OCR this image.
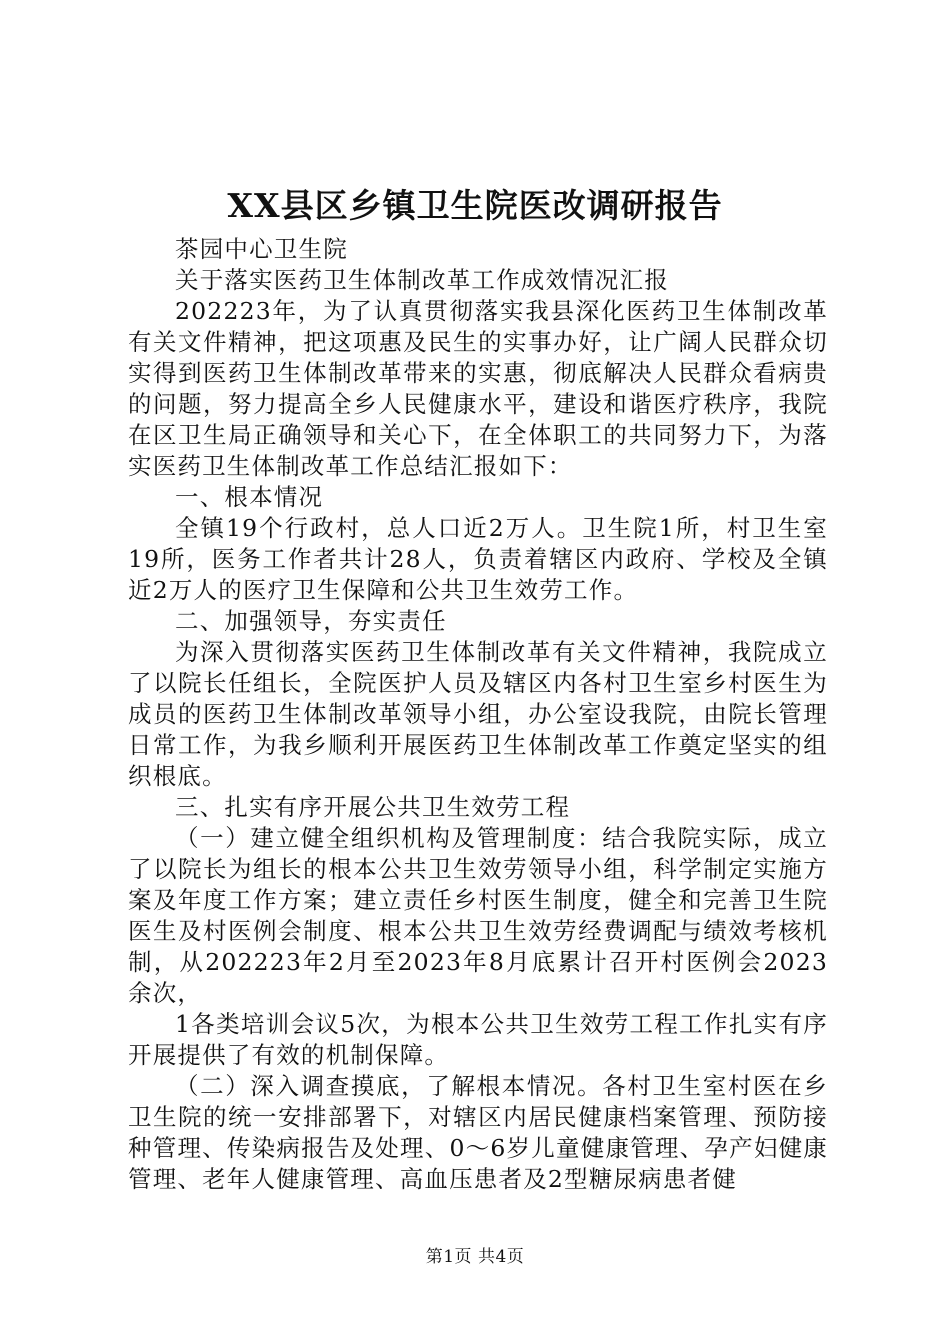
XX县区乡镇卫生院医改调研报告

茶园中心卫生院

关于落实医药卫生体制改革工作成效情况汇报

202223年，为了认真贯彻落实我县深化医药卫生体制改革有关文件精神，把这项惠及民生的实事办好，让广阔人民群众切实得到医药卫生体制改革带来的实惠，彻底解决人民群众看病贵的问题，努力提高全乡人民健康水平，建设和谐医疗秩序，我院在区卫生局正确领导和关心下，在全体职工的共同努力下，为落实医药卫生体制改革工作总结汇报如下：

一、根本情况

全镇19个行政村，总人口近2万人。卫生院1所，村卫生室19所，医务工作者共计28人，负责着辖区内政府、学校及全镇近2万人的医疗卫生保障和公共卫生效劳工作。

二、加强领导，夯实责任

为深入贯彻落实医药卫生体制改革有关文件精神，我院成立了以院长任组长，全院医护人员及辖区内各村卫生室乡村医生为成员的医药卫生体制改革领导小组，办公室设我院，由院长管理日常工作，为我乡顺利开展医药卫生体制改革工作奠定坚实的组织根底。

三、扎实有序开展公共卫生效劳工程

（一）建立健全组织机构及管理制度：结合我院实际，成立了以院长为组长的根本公共卫生效劳领导小组，科学制定实施方案及年度工作方案；建立责任乡村医生制度，健全和完善卫生院医生及村医例会制度、根本公共卫生效劳经费调配与绩效考核机制，从202223年2月至2023年8月底累计召开村医例会2023余次，

1各类培训会议5次，为根本公共卫生效劳工程工作扎实有序开展提供了有效的机制保障。

（二）深入调查摸底，了解根本情况。各村卫生室村医在乡卫生院的统一安排部署下，对辖区内居民健康档案管理、预防接种管理、传染病报告及处理、0～6岁儿童健康管理、孕产妇健康管理、老年人健康管理、高血压患者及2型糖尿病患者健

第1页 共4页
